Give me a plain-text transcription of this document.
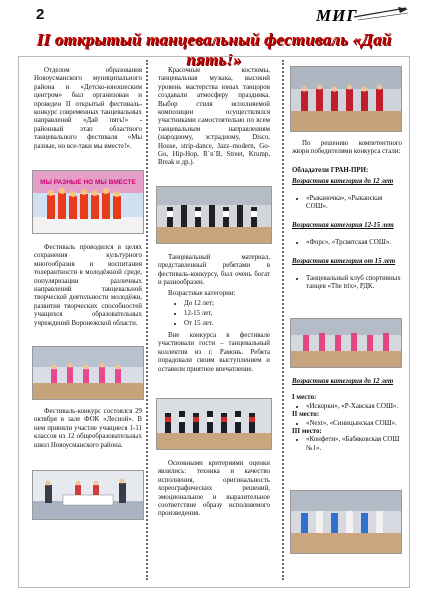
2	МИГ
II открытый танцевальный фестиваль «Дай пять!»

Отделом образования Новоусманского муниципального района и «Детско-юношеским центром» был организован и проведен II открытый фестиваль-конкурс современных танцевальных направлений «Дай пять!» - районный этап областного танцевального фестиваля «Мы разные, но все-таки мы вместе!».

МЫ РАЗНЫЕ НО МЫ ВМЕСТЕ

Фестиваль проводился в целях сохранения культурного многообразия и воспитания толерантности в молодёжной среде, популяризации различных направлений танцевальной творческой деятельности молодёжи, развития творческих способностей учащихся образовательных учреждений Воронежской области.

Фестиваль-конкурс состоялся 29 октября в зале ФОК «Лесной». В нем приняли участие учащиеся 1-11 классов из 12 общеобразовательных школ Новоусманского района.

Красочные костюмы, танцевальная музыка, высокий уровень мастерства юных танцоров создавали атмосферу праздника. Выбор стиля исполняемой композиции осуществлялся участниками самостоятельно по всем танцевальным направлениям (народному, эстрадному, Disco, House, strip-dance, Jazz–modern, Go-Go, Hip-Hop, R`n`B, Street, Krump, Break и др.).

Танцевальный материал, представленный ребятами в фестиваль-конкурсу, был очень богат и разнообразен.

Возрастные категории:

• До 12 лет;
• 12-15 лет,
• От 15 лет.

Вне конкурса в фестивале участвовали гости – танцевальный коллектив из г. Рамонь. Ребята порадовали своим выступлением и оставили приятное впечатление.

Основными критериями оценки являлись: техника и качество исполнения, оригинальность хореографических решений, эмоциональное и выразительное соответствие образу исполняемого произведения.

По решению компетентного жюри победителями конкурса стали:

Обладатели ГРАН-ПРИ:
Возрастная категория до 12 лет
• «Рыканочка», «Рыканская СОШ».
Возрастная категория 12-15 лет
• «Форс», «Трсвятская СОШ».
Возрастная категория от 15 лет
• Танцевальный клуб спортивных танцев «The trix», РДК.
Возрастная категория до 12 лет
I место:
• «Искорки», «Р-Хавская СОШ».
II место:
• «Next», «Синицынская СОШ».
III место:
• «Конфети», «Бабяковская СОШ №1».
